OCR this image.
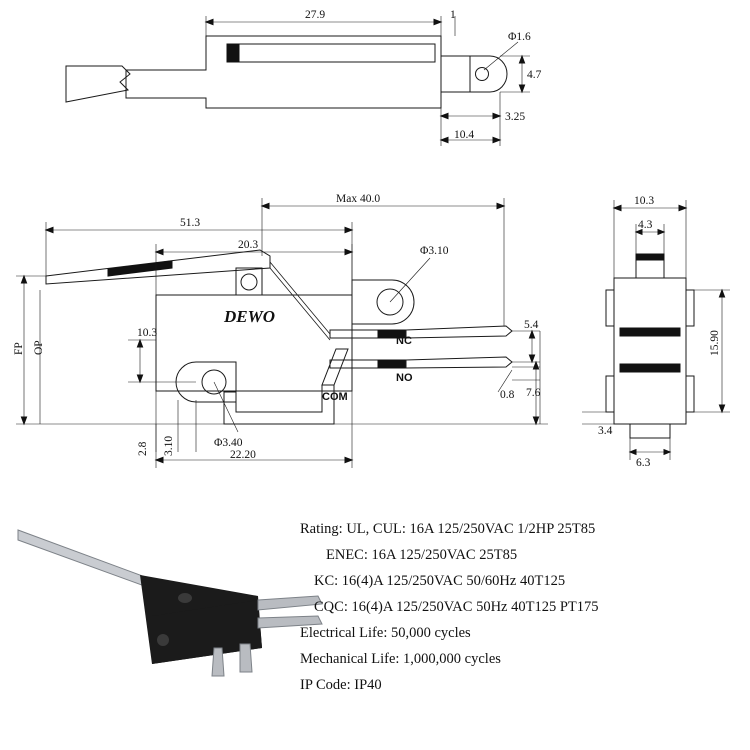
27.9	1
Φ1.6
4.7
3.25
10.4
DEWO
NC
NO
COM
Max 40.0
51.3
20.3	Φ3.10
10.3
FP OP
5.4
0.8 7.6
Φ3.40
22.20
2.8 3.10
10.3
4.3
15.90
3.4
6.3
Rating: UL, CUL: 16A 125/250VAC 1/2HP 25T85
ENEC: 16A 125/250VAC 25T85
KC: 16(4)A 125/250VAC 50/60Hz 40T125
CQC: 16(4)A 125/250VAC 50Hz 40T125 PT175
Electrical Life: 50,000 cycles
Mechanical Life: 1,000,000 cycles
IP Code: IP40
